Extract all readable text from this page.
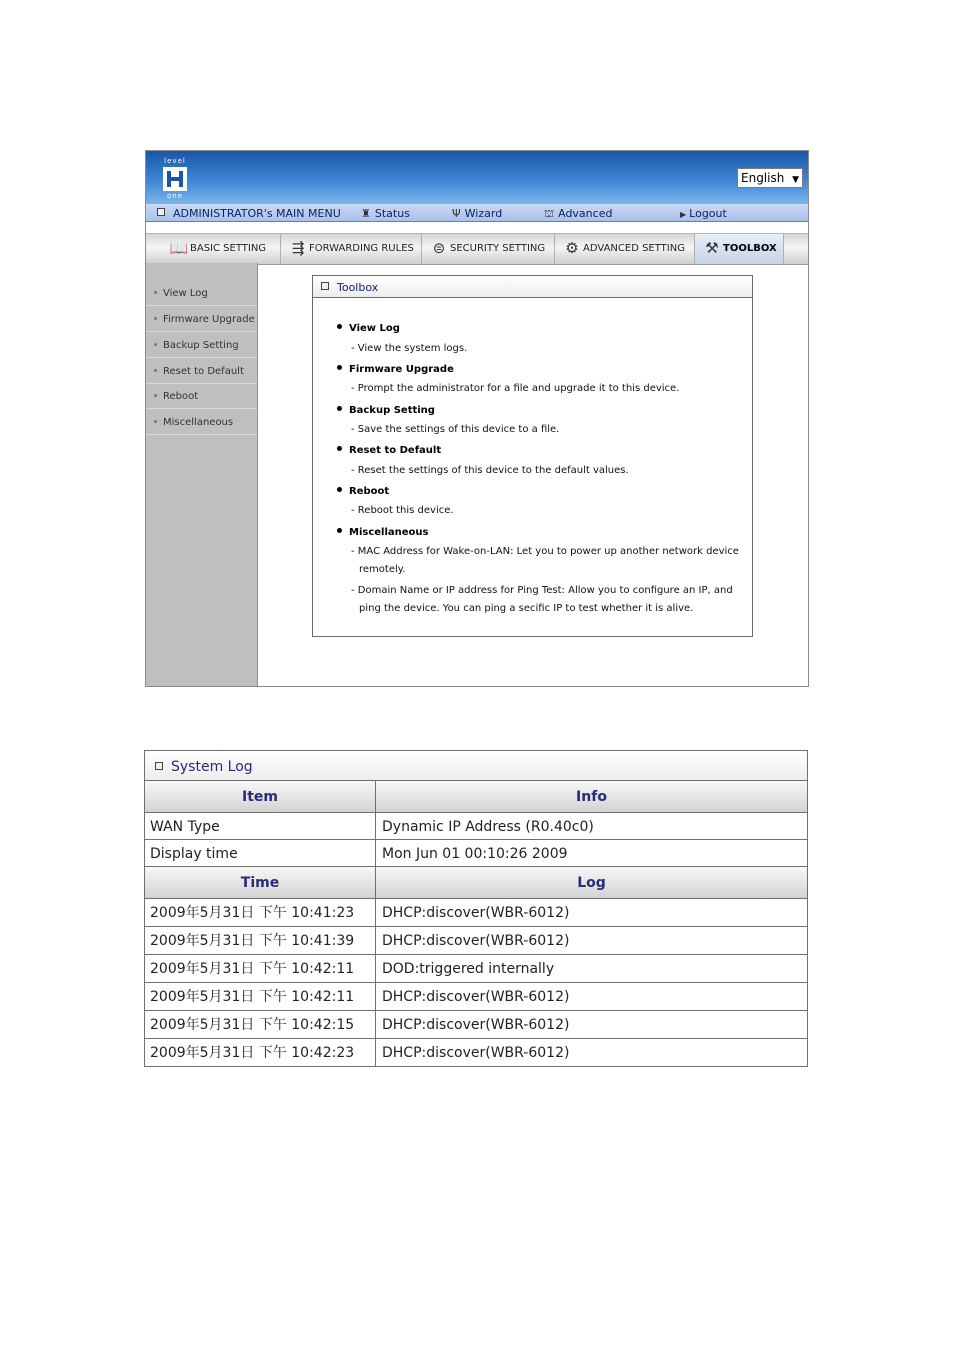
level
one
English ▼
ADMINISTRATOR's MAIN MENU ♜ Status	Ψ Wizard	⛫ Advanced	▶ Logout
📖 BASIC SETTING	⇶ FORWARDING RULES	⊜ SECURITY SETTING	⚙ ADVANCED SETTING	⚒ TOOLBOX
View Log
Firmware Upgrade
Backup Setting
Reset to Default
Reboot
Miscellaneous
Toolbox
View Log
- View the system logs.
Firmware Upgrade
- Prompt the administrator for a file and upgrade it to this device.
Backup Setting
- Save the settings of this device to a file.
Reset to Default
- Reset the settings of this device to the default values.
Reboot
- Reboot this device.
Miscellaneous
- MAC Address for Wake-on-LAN: Let you to power up another network device
remotely.
- Domain Name or IP address for Ping Test: Allow you to configure an IP, and
ping the device. You can ping a secific IP to test whether it is alive.
System Log
Item	Info
WAN Type	Dynamic IP Address (R0.40c0)
Display time	Mon Jun 01 00:10:26 2009
Time	Log
2009年5月31日 下午 10:41:23	DHCP:discover(WBR-6012)
2009年5月31日 下午 10:41:39	DHCP:discover(WBR-6012)
2009年5月31日 下午 10:42:11	DOD:triggered internally
2009年5月31日 下午 10:42:11	DHCP:discover(WBR-6012)
2009年5月31日 下午 10:42:15	DHCP:discover(WBR-6012)
2009年5月31日 下午 10:42:23	DHCP:discover(WBR-6012)
